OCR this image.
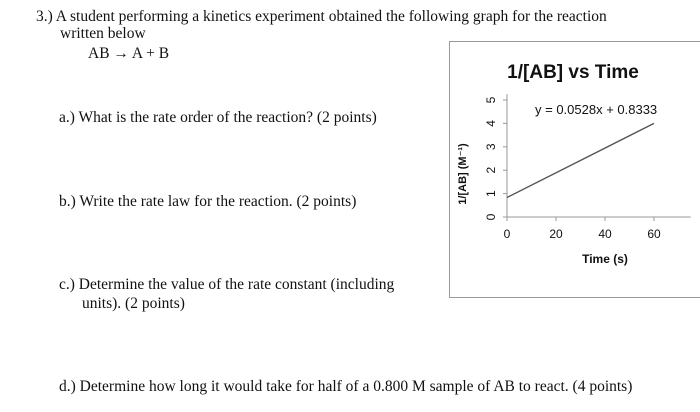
3.) A student performing a kinetics experiment obtained the following graph for the reaction
written below
AB → A + B
a.) What is the rate order of the reaction? (2 points)
b.) Write the rate law for the reaction. (2 points)
c.) Determine the value of the rate constant (including
units). (2 points)
d.) Determine how long it would take for half of a 0.800 M sample of AB to react. (4 points)
1/[AB] vs Time
y = 0.0528x + 0.8333
Time (s)
1/[AB] (M⁻¹)
0	20	40	60
0
1
2
3
4
5
